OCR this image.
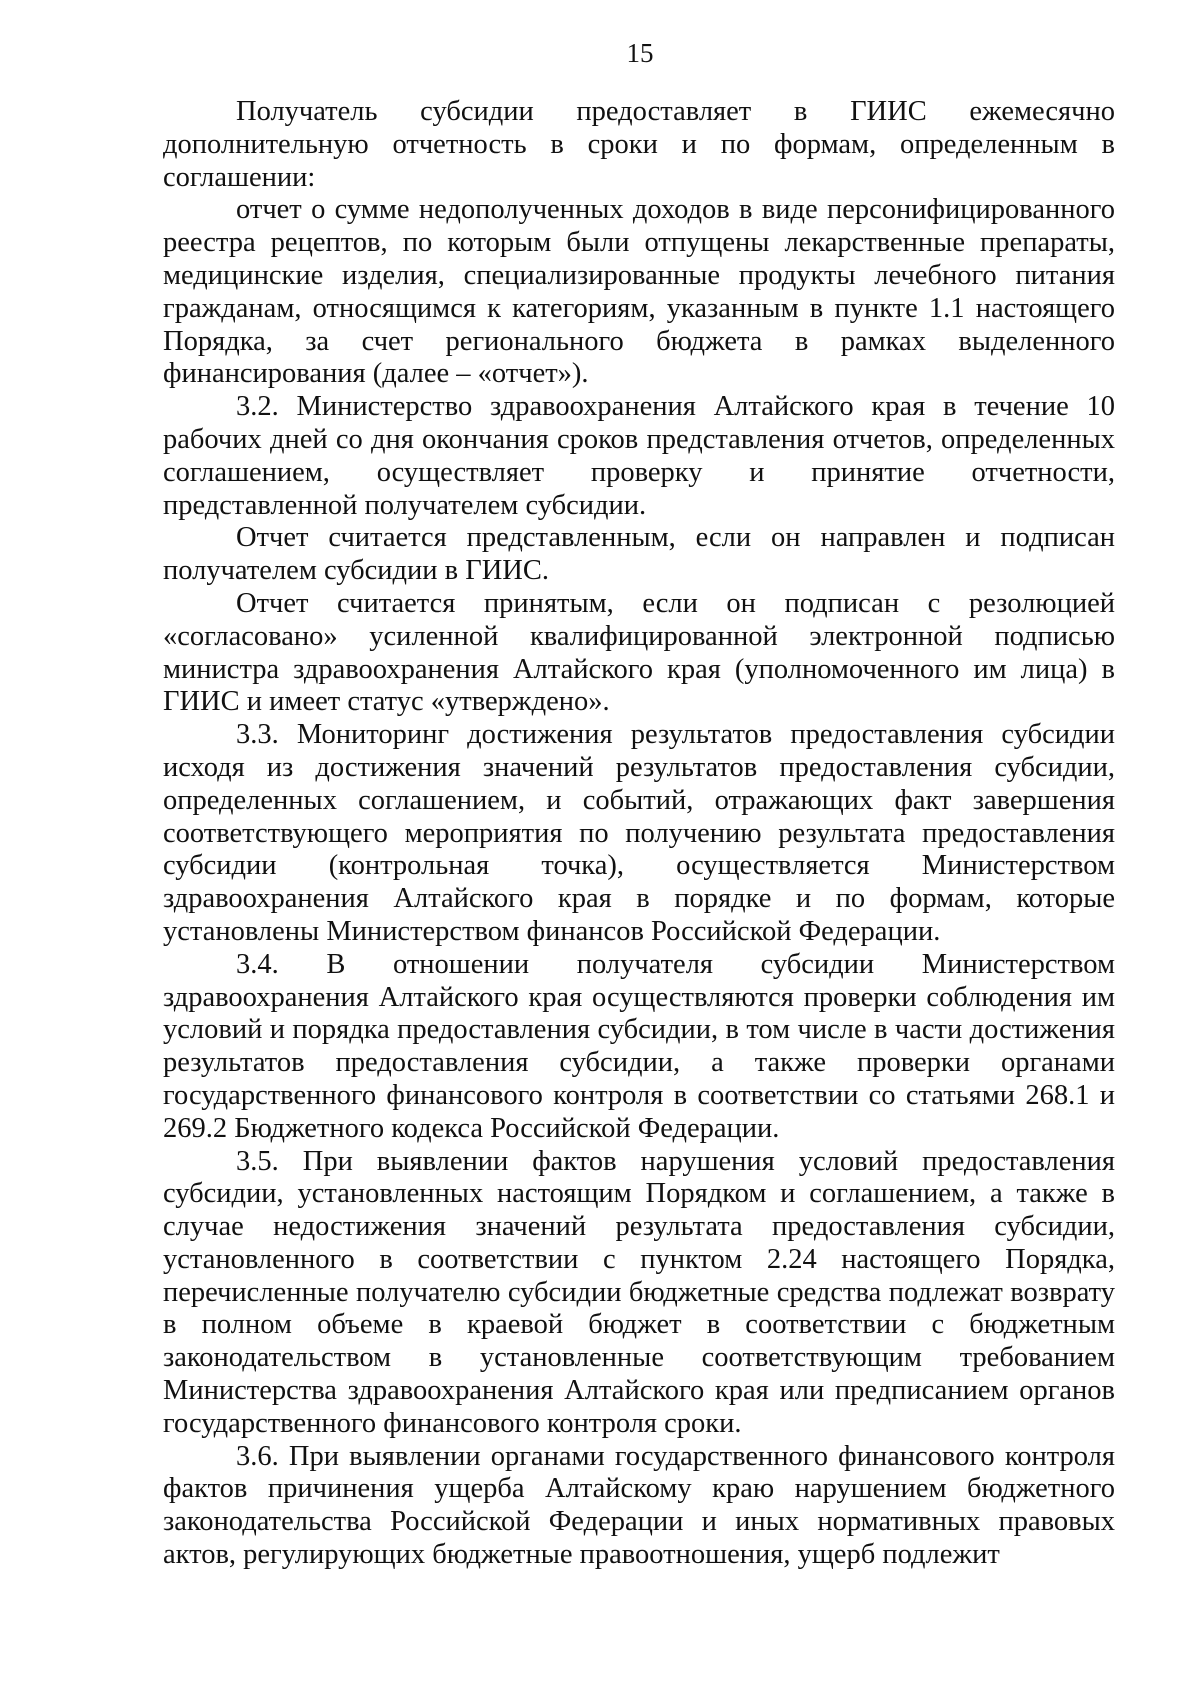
15

Получатель субсидии предоставляет в ГИИС ежемесячно дополнительную отчетность в сроки и по формам, определенным в соглашении:

отчет о сумме недополученных доходов в виде персонифицированного реестра рецептов, по которым были отпущены лекарственные препараты, медицинские изделия, специализированные продукты лечебного питания гражданам, относящимся к категориям, указанным в пункте 1.1 настоящего Порядка, за счет регионального бюджета в рамках выделенного финансирования (далее – «отчет»).

3.2. Министерство здравоохранения Алтайского края в течение 10 рабочих дней со дня окончания сроков представления отчетов, определенных соглашением, осуществляет проверку и принятие отчетности, представленной получателем субсидии.

Отчет считается представленным, если он направлен и подписан получателем субсидии в ГИИС.

Отчет считается принятым, если он подписан с резолюцией «согласовано» усиленной квалифицированной электронной подписью министра здравоохранения Алтайского края (уполномоченного им лица) в ГИИС и имеет статус «утверждено».

3.3. Мониторинг достижения результатов предоставления субсидии исходя из достижения значений результатов предоставления субсидии, определенных соглашением, и событий, отражающих факт завершения соответствующего мероприятия по получению результата предоставления субсидии (контрольная точка), осуществляется Министерством здравоохранения Алтайского края в порядке и по формам, которые установлены Министерством финансов Российской Федерации.

3.4. В отношении получателя субсидии Министерством здравоохранения Алтайского края осуществляются проверки соблюдения им условий и порядка предоставления субсидии, в том числе в части достижения результатов предоставления субсидии, а также проверки органами государственного финансового контроля в соответствии со статьями 268.1 и 269.2 Бюджетного кодекса Российской Федерации.

3.5. При выявлении фактов нарушения условий предоставления субсидии, установленных настоящим Порядком и соглашением, а также в случае недостижения значений результата предоставления субсидии, установленного в соответствии с пунктом 2.24 настоящего Порядка, перечисленные получателю субсидии бюджетные средства подлежат возврату в полном объеме в краевой бюджет в соответствии с бюджетным законодательством в установленные соответствующим требованием Министерства здравоохранения Алтайского края или предписанием органов государственного финансового контроля сроки.

3.6. При выявлении органами государственного финансового контроля фактов причинения ущерба Алтайскому краю нарушением бюджетного законодательства Российской Федерации и иных нормативных правовых актов, регулирующих бюджетные правоотношения, ущерб подлежит
